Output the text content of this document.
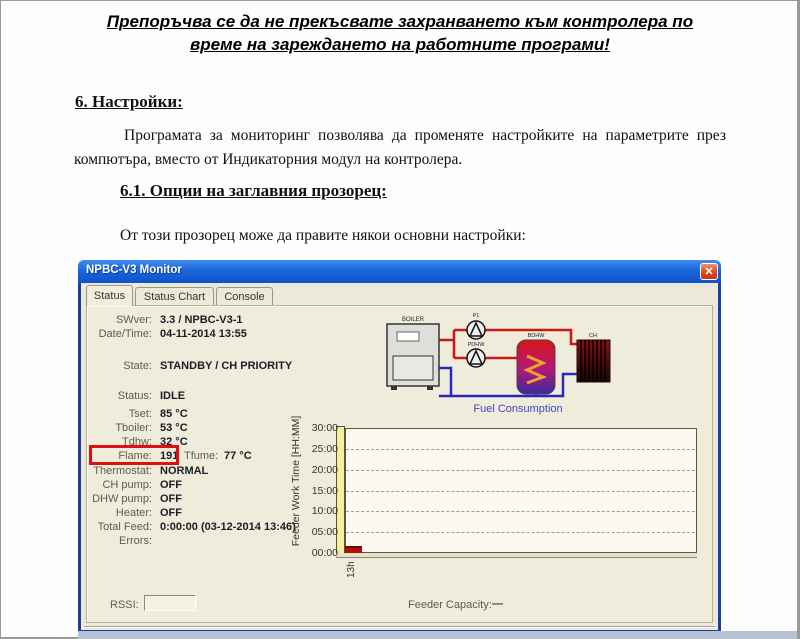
Препоръчва се да не прекъсвате захранването към контролера по време на зареждането на работните програми!
6. Настройки:
Програмата за мониторинг позволява да променяте настройките на параметрите през компютъра, вместо от Индикаторния модул на контролера.
6.1. Опции на заглавния прозорец:
От този прозорец може да правите някои основни настройки:
NPBC-V3 Monitor	✕
Status	Status Chart	Console
SWver: 3.3 / NPBC-V3-1
Date/Time: 04-11-2014 13:55
State: STANDBY / CH PRIORITY
Status: IDLE
Tset: 85 °C
Tboiler: 53 °C
Tdhw: 32 °C
Flame: 191
Thermostat: NORMAL
CH pump: OFF
DHW pump: OFF
Heater: OFF
Total Feed: 0:00:00 (03-12-2014 13:46)
Errors:
Tfume: 77 °C
BOILER
P1
PDHW
BDHW	CH
Fuel Consumption
Feeder Work Time [HH:MM] 30:00
25:00
20:00
15:00
10:00
05:00
00:00
13h
RSSI:	Feeder Capacity: —
